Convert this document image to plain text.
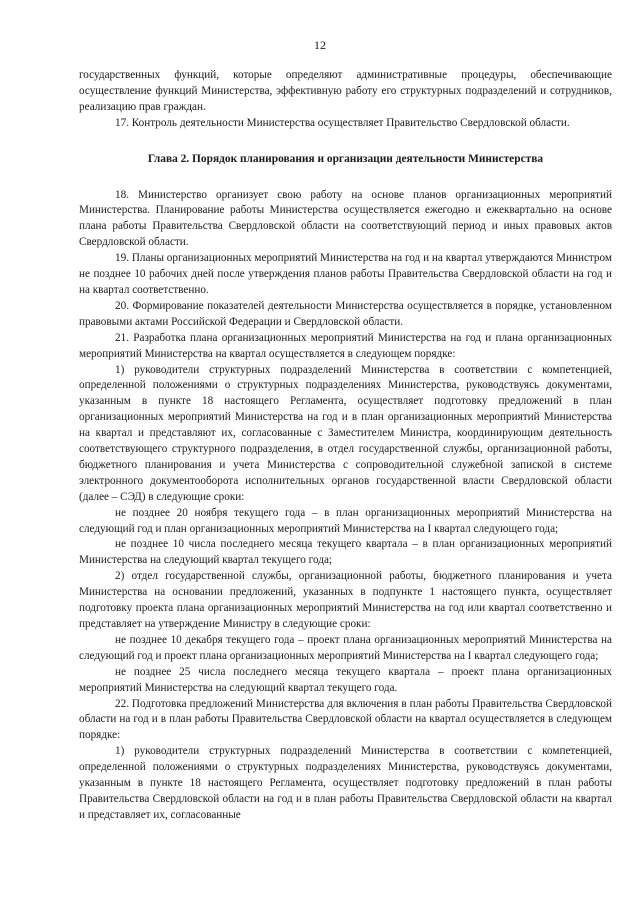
12

государственных функций, которые определяют административные процедуры, обеспечивающие осуществление функций Министерства, эффективную работу его структурных подразделений и сотрудников, реализацию прав граждан.

17. Контроль деятельности Министерства осуществляет Правительство Свердловской области.

Глава 2. Порядок планирования и организации деятельности Министерства

18. Министерство организует свою работу на основе планов организационных мероприятий Министерства. Планирование работы Министерства осуществляется ежегодно и ежеквартально на основе плана работы Правительства Свердловской области на соответствующий период и иных правовых актов Свердловской области.

19. Планы организационных мероприятий Министерства на год и на квартал утверждаются Министром не позднее 10 рабочих дней после утверждения планов работы Правительства Свердловской области на год и на квартал соответственно.

20. Формирование показателей деятельности Министерства осуществляется в порядке, установленном правовыми актами Российской Федерации и Свердловской области.

21. Разработка плана организационных мероприятий Министерства на год и плана организационных мероприятий Министерства на квартал осуществляется в следующем порядке:

1) руководители структурных подразделений Министерства в соответствии с компетенцией, определенной положениями о структурных подразделениях Министерства, руководствуясь документами, указанным в пункте 18 настоящего Регламента, осуществляет подготовку предложений в план организационных мероприятий Министерства на год и в план организационных мероприятий Министерства на квартал и представляют их, согласованные с Заместителем Министра, координирующим деятельность соответствующего структурного подразделения, в отдел государственной службы, организационной работы, бюджетного планирования и учета Министерства с сопроводительной служебной запиской в системе электронного документооборота исполнительных органов государственной власти Свердловской области (далее – СЭД) в следующие сроки:

не позднее 20 ноября текущего года – в план организационных мероприятий Министерства на следующий год и план организационных мероприятий Министерства на I квартал следующего года;

не позднее 10 числа последнего месяца текущего квартала – в план организационных мероприятий Министерства на следующий квартал текущего года;

2) отдел государственной службы, организационной работы, бюджетного планирования и учета Министерства на основании предложений, указанных в подпункте 1 настоящего пункта, осуществляет подготовку проекта плана организационных мероприятий Министерства на год или квартал соответственно и представляет на утверждение Министру в следующие сроки:

не позднее 10 декабря текущего года – проект плана организационных мероприятий Министерства на следующий год и проект плана организационных мероприятий Министерства на I квартал следующего года;

не позднее 25 числа последнего месяца текущего квартала – проект плана организационных мероприятий Министерства на следующий квартал текущего года.

22. Подготовка предложений Министерства для включения в план работы Правительства Свердловской области на год и в план работы Правительства Свердловской области на квартал осуществляется в следующем порядке:

1) руководители структурных подразделений Министерства в соответствии с компетенцией, определенной положениями о структурных подразделениях Министерства, руководствуясь документами, указанным в пункте 18 настоящего Регламента, осуществляет подготовку предложений в план работы Правительства Свердловской области на год и в план работы Правительства Свердловской области на квартал и представляет их, согласованные
